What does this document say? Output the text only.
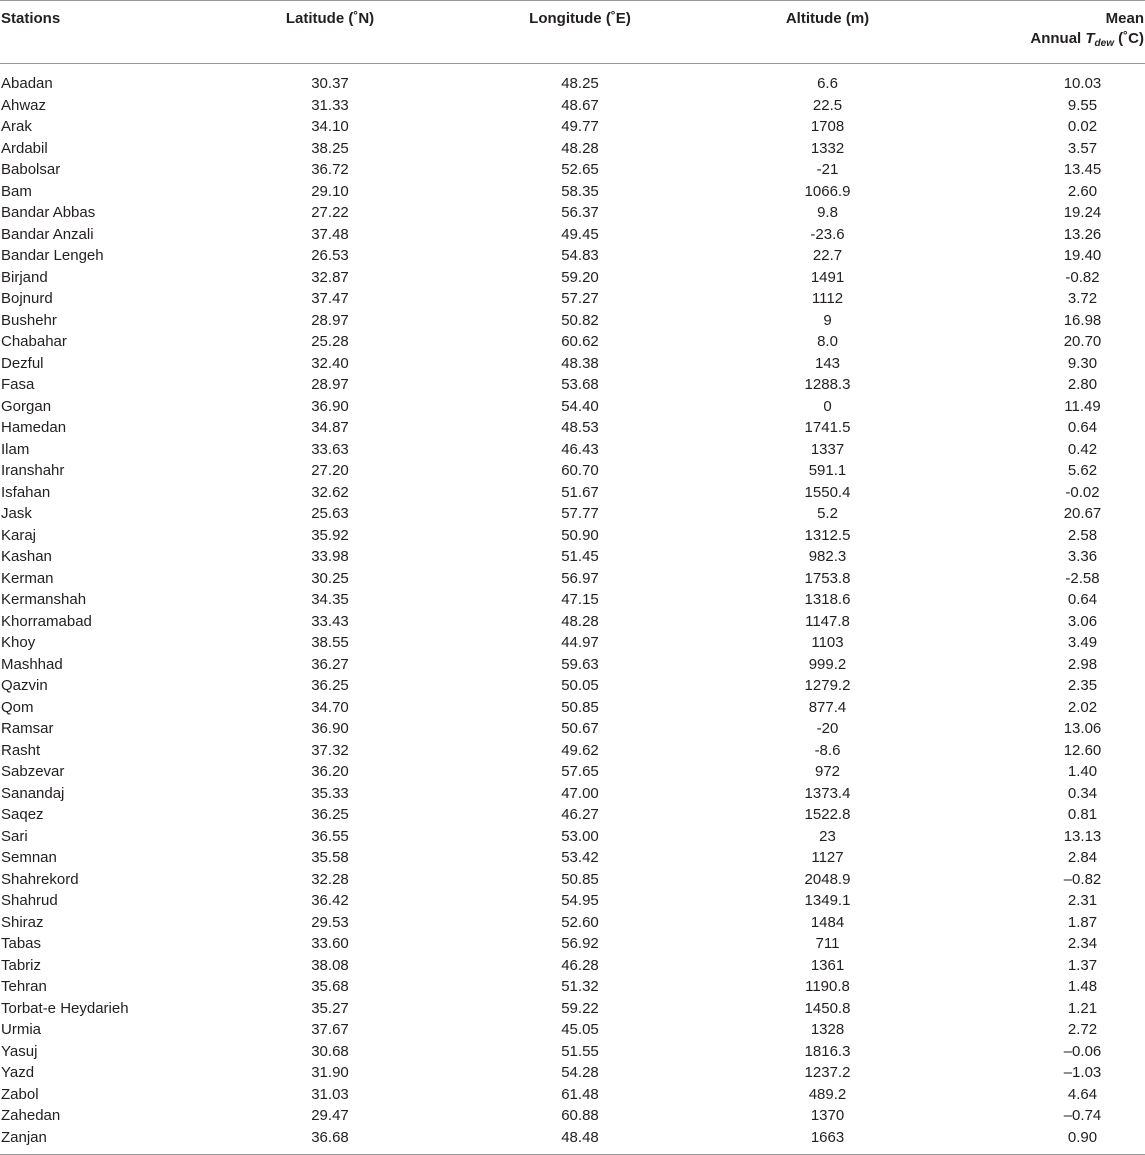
Stations	Latitude (˚N)	Longitude (˚E)	Altitude (m)	Mean
Annual $T_{dew}$ (˚C)

Abadan	30.37	48.25	6.6	10.03
Ahwaz	31.33	48.67	22.5	9.55
Arak	34.10	49.77	1708	0.02
Ardabil	38.25	48.28	1332	3.57
Babolsar	36.72	52.65	-21	13.45
Bam	29.10	58.35	1066.9	2.60
Bandar Abbas	27.22	56.37	9.8	19.24
Bandar Anzali	37.48	49.45	-23.6	13.26
Bandar Lengeh	26.53	54.83	22.7	19.40
Birjand	32.87	59.20	1491	-0.82
Bojnurd	37.47	57.27	1112	3.72
Bushehr	28.97	50.82	9	16.98
Chabahar	25.28	60.62	8.0	20.70
Dezful	32.40	48.38	143	9.30
Fasa	28.97	53.68	1288.3	2.80
Gorgan	36.90	54.40	0	11.49
Hamedan	34.87	48.53	1741.5	0.64
Ilam	33.63	46.43	1337	0.42
Iranshahr	27.20	60.70	591.1	5.62
Isfahan	32.62	51.67	1550.4	-0.02
Jask	25.63	57.77	5.2	20.67
Karaj	35.92	50.90	1312.5	2.58
Kashan	33.98	51.45	982.3	3.36
Kerman	30.25	56.97	1753.8	-2.58
Kermanshah	34.35	47.15	1318.6	0.64
Khorramabad	33.43	48.28	1147.8	3.06
Khoy	38.55	44.97	1103	3.49
Mashhad	36.27	59.63	999.2	2.98
Qazvin	36.25	50.05	1279.2	2.35
Qom	34.70	50.85	877.4	2.02
Ramsar	36.90	50.67	-20	13.06
Rasht	37.32	49.62	-8.6	12.60
Sabzevar	36.20	57.65	972	1.40
Sanandaj	35.33	47.00	1373.4	0.34
Saqez	36.25	46.27	1522.8	0.81
Sari	36.55	53.00	23	13.13
Semnan	35.58	53.42	1127	2.84
Shahrekord	32.28	50.85	2048.9	–0.82
Shahrud	36.42	54.95	1349.1	2.31
Shiraz	29.53	52.60	1484	1.87
Tabas	33.60	56.92	711	2.34
Tabriz	38.08	46.28	1361	1.37
Tehran	35.68	51.32	1190.8	1.48
Torbat-e Heydarieh	35.27	59.22	1450.8	1.21
Urmia	37.67	45.05	1328	2.72
Yasuj	30.68	51.55	1816.3	–0.06
Yazd	31.90	54.28	1237.2	–1.03
Zabol	31.03	61.48	489.2	4.64
Zahedan	29.47	60.88	1370	–0.74
Zanjan	36.68	48.48	1663	0.90
